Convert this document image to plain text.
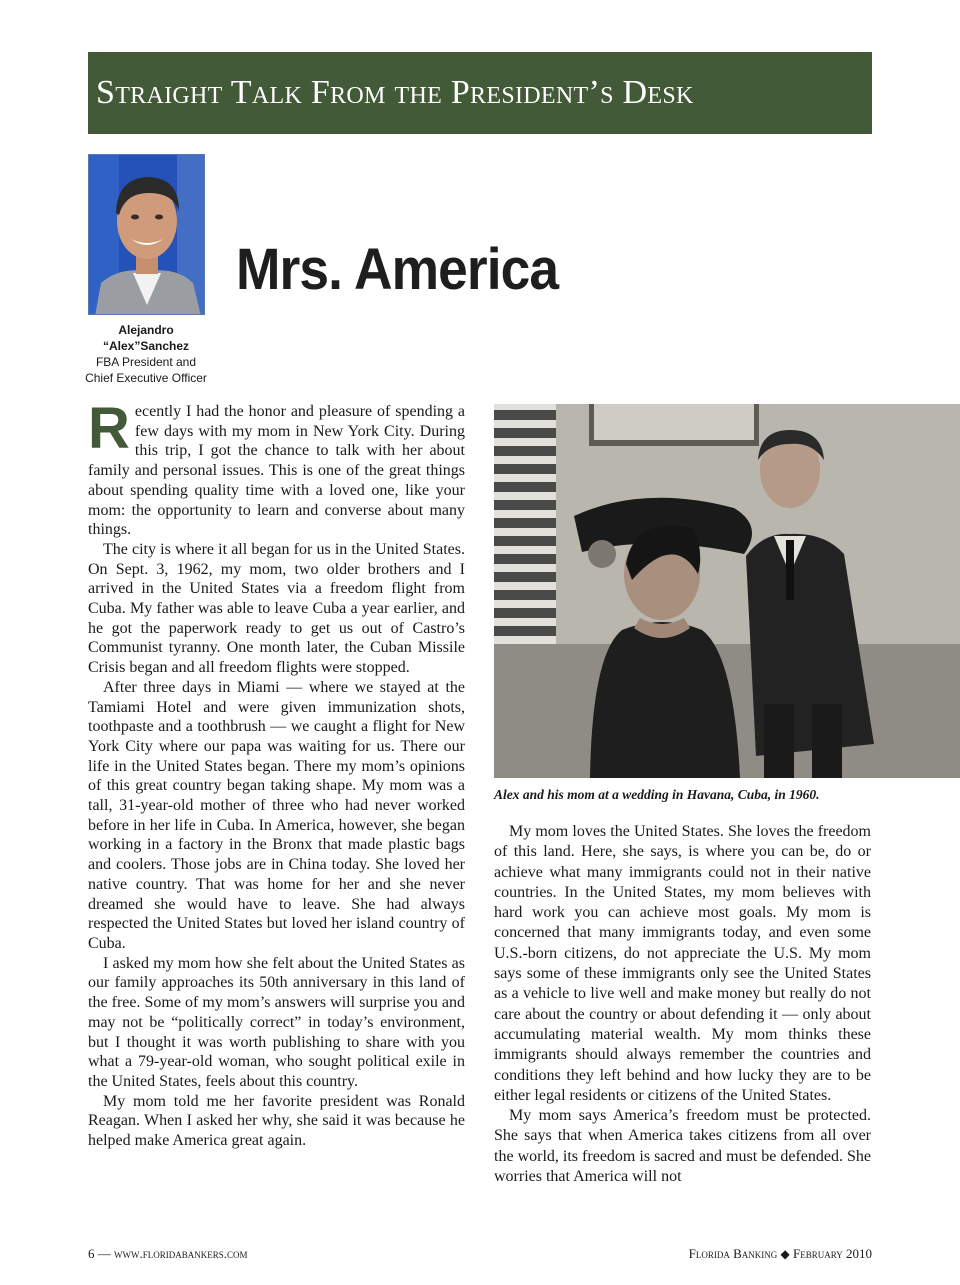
Straight Talk From the President’s Desk
Alejandro
“Alex”Sanchez
FBA President and
Chief Executive Officer
Mrs. America

Recently I had the honor and pleasure of spending a few days with my mom in New York City. During this trip, I got the chance to talk with her about family and personal issues. This is one of the great things about spending quality time with a loved one, like your mom: the opportunity to learn and converse about many things.

The city is where it all began for us in the United States. On Sept. 3, 1962, my mom, two older brothers and I arrived in the United States via a freedom flight from Cuba. My father was able to leave Cuba a year earlier, and he got the paperwork ready to get us out of Castro’s Communist tyranny. One month later, the Cuban Missile Crisis began and all freedom flights were stopped.

After three days in Miami — where we stayed at the Tamiami Hotel and were given immunization shots, toothpaste and a toothbrush — we caught a flight for New York City where our papa was waiting for us. There our life in the United States began. There my mom’s opinions of this great country began taking shape. My mom was a tall, 31-year-old mother of three who had never worked before in her life in Cuba. In America, however, she began working in a factory in the Bronx that made plastic bags and coolers. Those jobs are in China today. She loved her native country. That was home for her and she never dreamed she would have to leave. She had always respected the United States but loved her island country of Cuba.

I asked my mom how she felt about the United States as our family approaches its 50th anniversary in this land of the free. Some of my mom’s answers will surprise you and may not be “politically correct” in today’s environment, but I thought it was worth publishing to share with you what a 79-year-old woman, who sought political exile in the United States, feels about this country.

My mom told me her favorite president was Ronald Reagan. When I asked her why, she said it was because he helped make America great again.

Alex and his mom at a wedding in Havana, Cuba, in 1960.

My mom loves the United States. She loves the freedom of this land. Here, she says, is where you can be, do or achieve what many immigrants could not in their native countries. In the United States, my mom believes with hard work you can achieve most goals. My mom is concerned that many immigrants today, and even some U.S.-born citizens, do not appreciate the U.S. My mom says some of these immigrants only see the United States as a vehicle to live well and make money but really do not care about the country or about defending it — only about accumulating material wealth. My mom thinks these immigrants should always remember the countries and conditions they left behind and how lucky they are to be either legal residents or citizens of the United States.

My mom says America’s freedom must be protected. She says that when America takes citizens from all over the world, its freedom is sacred and must be defended. She worries that America will not

6 — www.floridabankers.com	Florida Banking ◆ February 2010
